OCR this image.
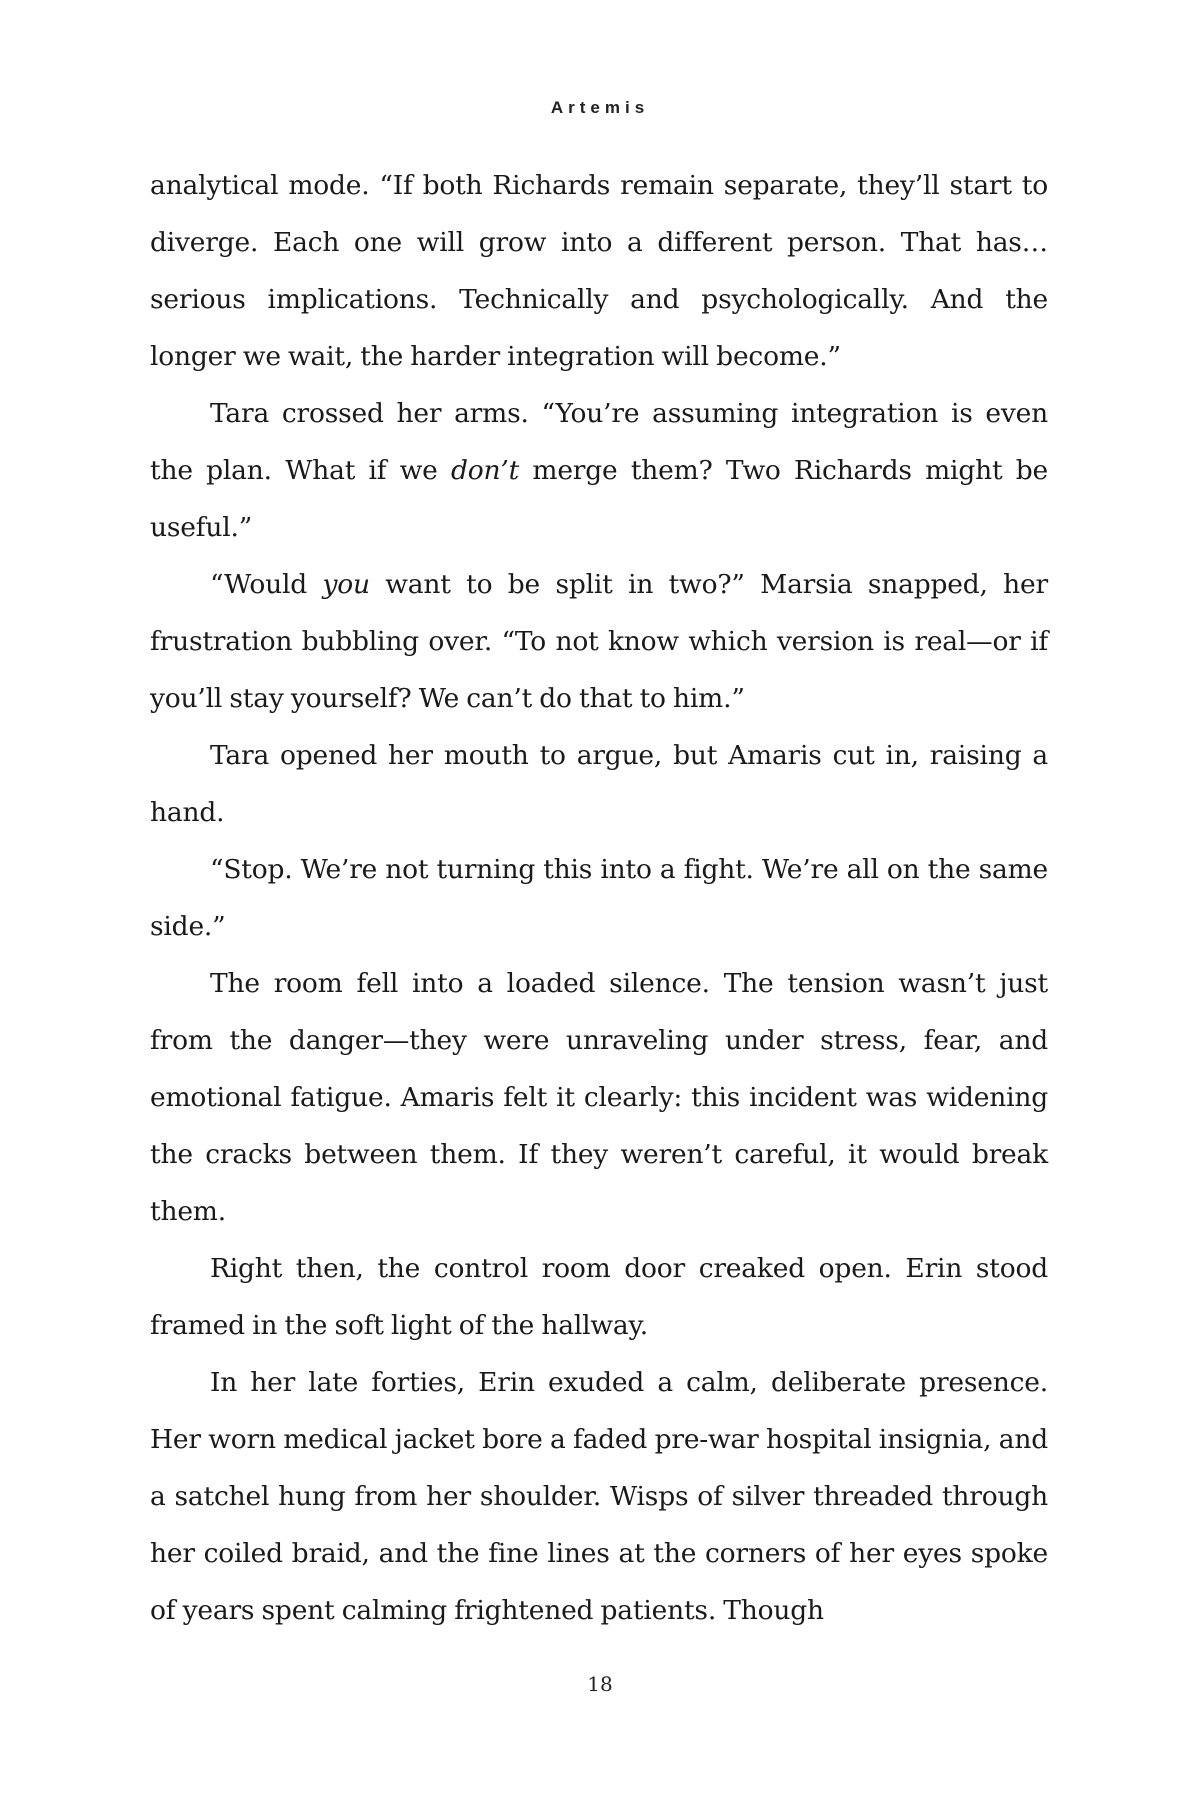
Artemis

analytical mode. “If both Richards remain separate, they’ll start to diverge. Each one will grow into a different person. That has… serious implications. Technically and psychologically. And the longer we wait, the harder integration will become.”

Tara crossed her arms. “You’re assuming integration is even the plan. What if we don’t merge them? Two Richards might be useful.”

“Would you want to be split in two?” Marsia snapped, her frustration bubbling over. “To not know which version is real—or if you’ll stay yourself? We can’t do that to him.”

Tara opened her mouth to argue, but Amaris cut in, raising a hand.

“Stop. We’re not turning this into a fight. We’re all on the same side.”

The room fell into a loaded silence. The tension wasn’t just from the danger—they were unraveling under stress, fear, and emotional fatigue. Amaris felt it clearly: this incident was widening the cracks between them. If they weren’t careful, it would break them.

Right then, the control room door creaked open. Erin stood framed in the soft light of the hallway.

In her late forties, Erin exuded a calm, deliberate presence. Her worn medical jacket bore a faded pre-war hospital insignia, and a satchel hung from her shoulder. Wisps of silver threaded through her coiled braid, and the fine lines at the corners of her eyes spoke of years spent calming frightened patients. Though

18
